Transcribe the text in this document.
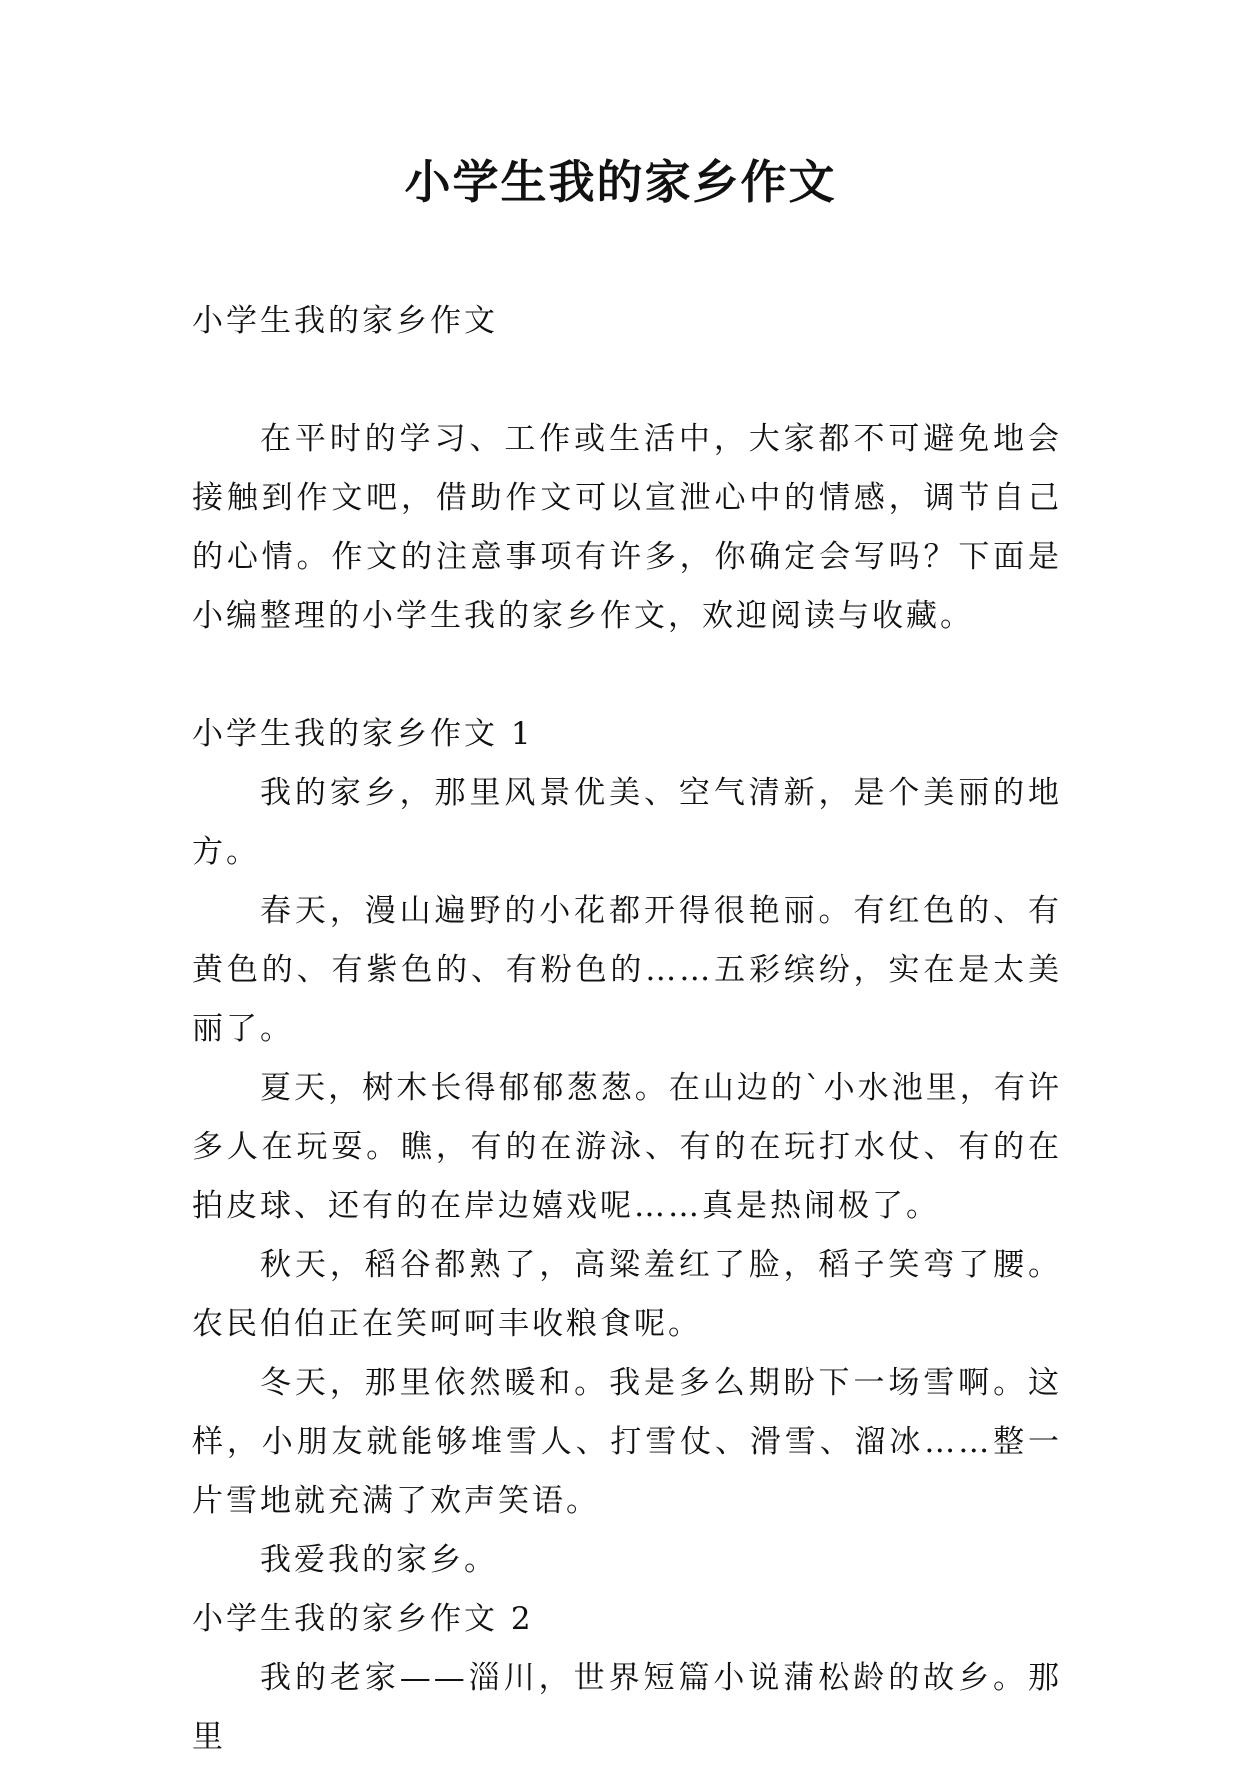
小学生我的家乡作文

小学生我的家乡作文

在平时的学习、工作或生活中，大家都不可避免地会接触到作文吧，借助作文可以宣泄心中的情感，调节自己的心情。作文的注意事项有许多，你确定会写吗？下面是小编整理的小学生我的家乡作文，欢迎阅读与收藏。

小学生我的家乡作文 1

我的家乡，那里风景优美、空气清新，是个美丽的地方。

春天，漫山遍野的小花都开得很艳丽。有红色的、有黄色的、有紫色的、有粉色的……五彩缤纷，实在是太美丽了。

夏天，树木长得郁郁葱葱。在山边的`小水池里，有许多人在玩耍。瞧，有的在游泳、有的在玩打水仗、有的在拍皮球、还有的在岸边嬉戏呢……真是热闹极了。

秋天，稻谷都熟了，高粱羞红了脸，稻子笑弯了腰。农民伯伯正在笑呵呵丰收粮食呢。

冬天，那里依然暖和。我是多么期盼下一场雪啊。这样，小朋友就能够堆雪人、打雪仗、滑雪、溜冰……整一片雪地就充满了欢声笑语。

我爱我的家乡。

小学生我的家乡作文 2

我的老家——淄川，世界短篇小说蒲松龄的故乡。那里
